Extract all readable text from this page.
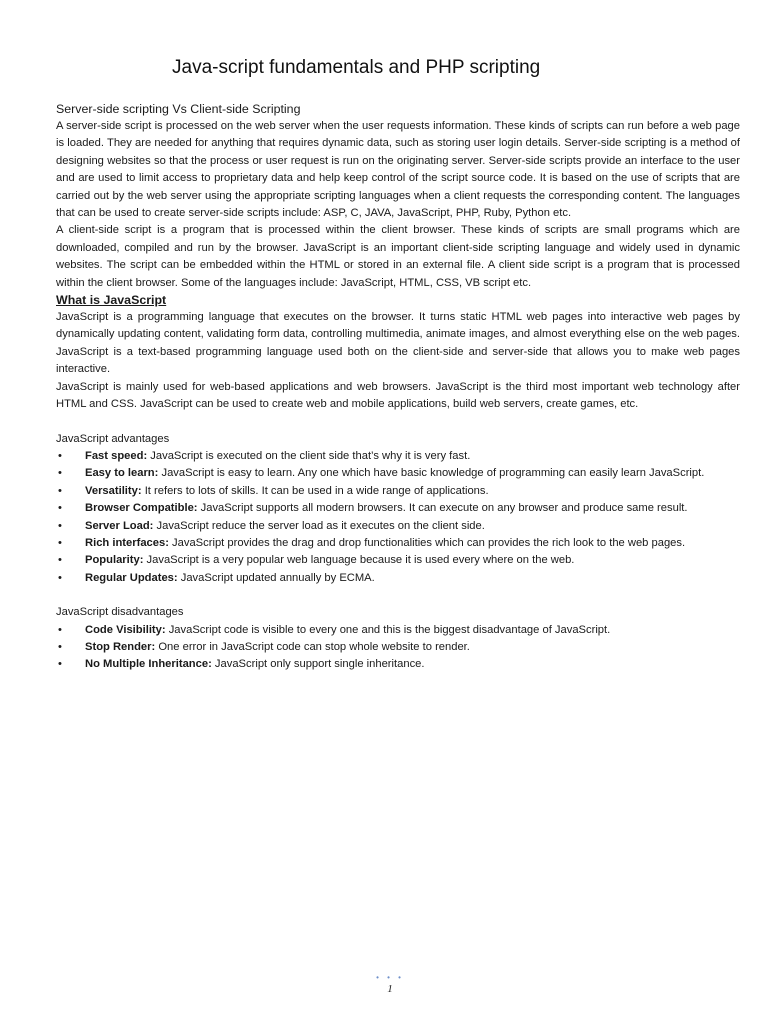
Java-script fundamentals and PHP scripting

Server-side scripting Vs Client-side Scripting

A server-side script is processed on the web server when the user requests information. These kinds of scripts can run before a web page is loaded. They are needed for anything that requires dynamic data, such as storing user login details. Server-side scripting is a method of designing websites so that the process or user request is run on the originating server. Server-side scripts provide an interface to the user and are used to limit access to proprietary data and help keep control of the script source code. It is based on the use of scripts that are carried out by the web server using the appropriate scripting languages when a client requests the corresponding content. The languages that can be used to create server-side scripts include: ASP, C, JAVA, JavaScript, PHP, Ruby, Python etc.

A client-side script is a program that is processed within the client browser. These kinds of scripts are small programs which are downloaded, compiled and run by the browser. JavaScript is an important client-side scripting language and widely used in dynamic websites. The script can be embedded within the HTML or stored in an external file. A client side script is a program that is processed within the client browser. Some of the languages include: JavaScript, HTML, CSS, VB script etc.

What is JavaScript

JavaScript is a programming language that executes on the browser. It turns static HTML web pages into interactive web pages by dynamically updating content, validating form data, controlling multimedia, animate images, and almost everything else on the web pages. JavaScript is a text-based programming language used both on the client-side and server-side that allows you to make web pages interactive.

JavaScript is mainly used for web-based applications and web browsers. JavaScript is the third most important web technology after HTML and CSS. JavaScript can be used to create web and mobile applications, build web servers, create games, etc.

JavaScript advantages

• Fast speed: JavaScript is executed on the client side that’s why it is very fast.
• Easy to learn: JavaScript is easy to learn. Any one which have basic knowledge of programming can easily learn JavaScript.
• Versatility: It refers to lots of skills. It can be used in a wide range of applications.
• Browser Compatible: JavaScript supports all modern browsers. It can execute on any browser and produce same result.
• Server Load: JavaScript reduce the server load as it executes on the client side.
• Rich interfaces: JavaScript provides the drag and drop functionalities which can provides the rich look to the web pages.
• Popularity: JavaScript is a very popular web language because it is used every where on the web.
• Regular Updates: JavaScript updated annually by ECMA.

JavaScript disadvantages

• Code Visibility: JavaScript code is visible to every one and this is the biggest disadvantage of JavaScript.
• Stop Render: One error in JavaScript code can stop whole website to render.
• No Multiple Inheritance: JavaScript only support single inheritance.
• • •
1
